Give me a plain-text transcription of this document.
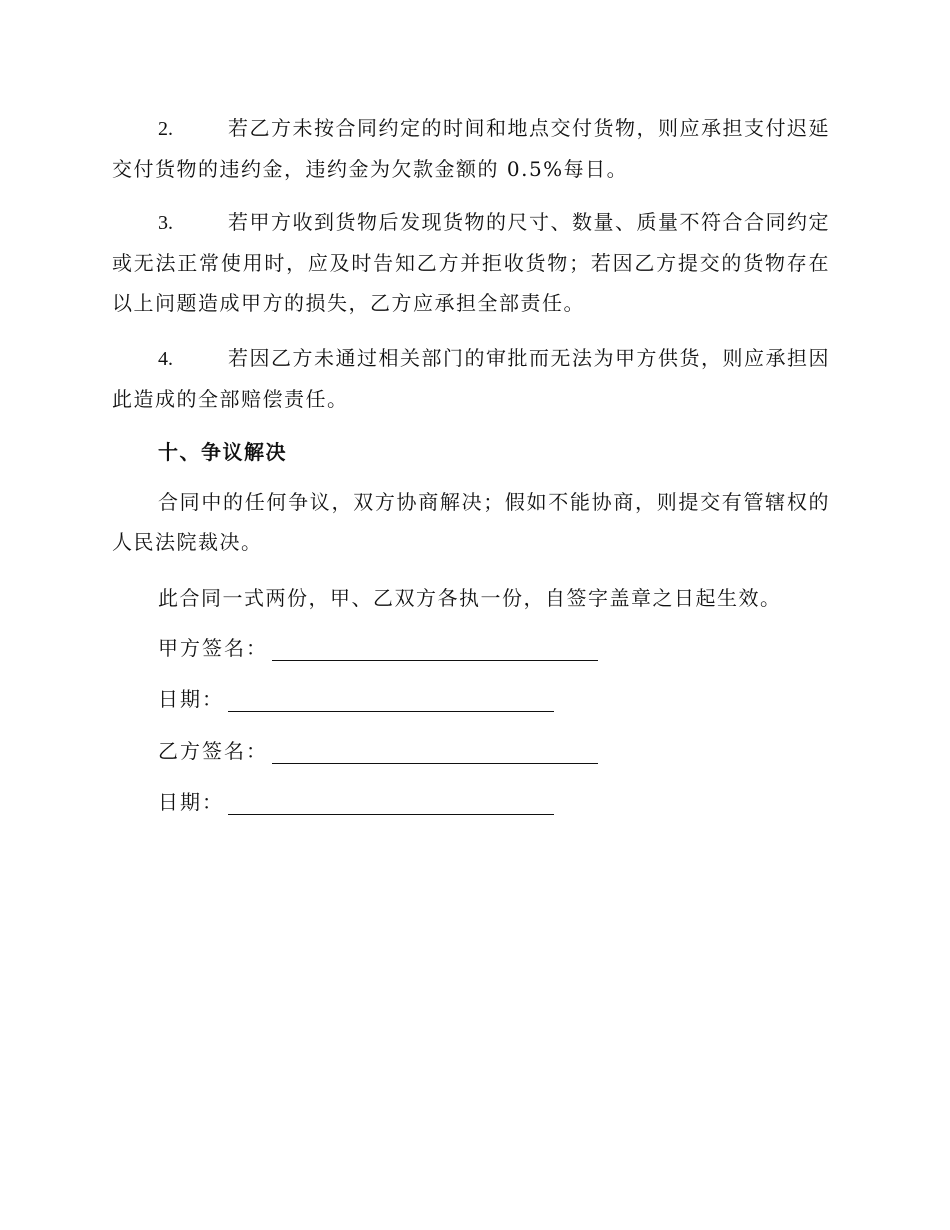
2.	若乙方未按合同约定的时间和地点交付货物，则应承担支付迟延交付货物的违约金，违约金为欠款金额的 0.5%每日。

3.	若甲方收到货物后发现货物的尺寸、数量、质量不符合合同约定或无法正常使用时，应及时告知乙方并拒收货物；若因乙方提交的货物存在以上问题造成甲方的损失，乙方应承担全部责任。

4.	若因乙方未通过相关部门的审批而无法为甲方供货，则应承担因此造成的全部赔偿责任。

十、争议解决

合同中的任何争议，双方协商解决；假如不能协商，则提交有管辖权的人民法院裁决。

此合同一式两份，甲、乙双方各执一份，自签字盖章之日起生效。

甲方签名：
日期：
乙方签名：
日期：
